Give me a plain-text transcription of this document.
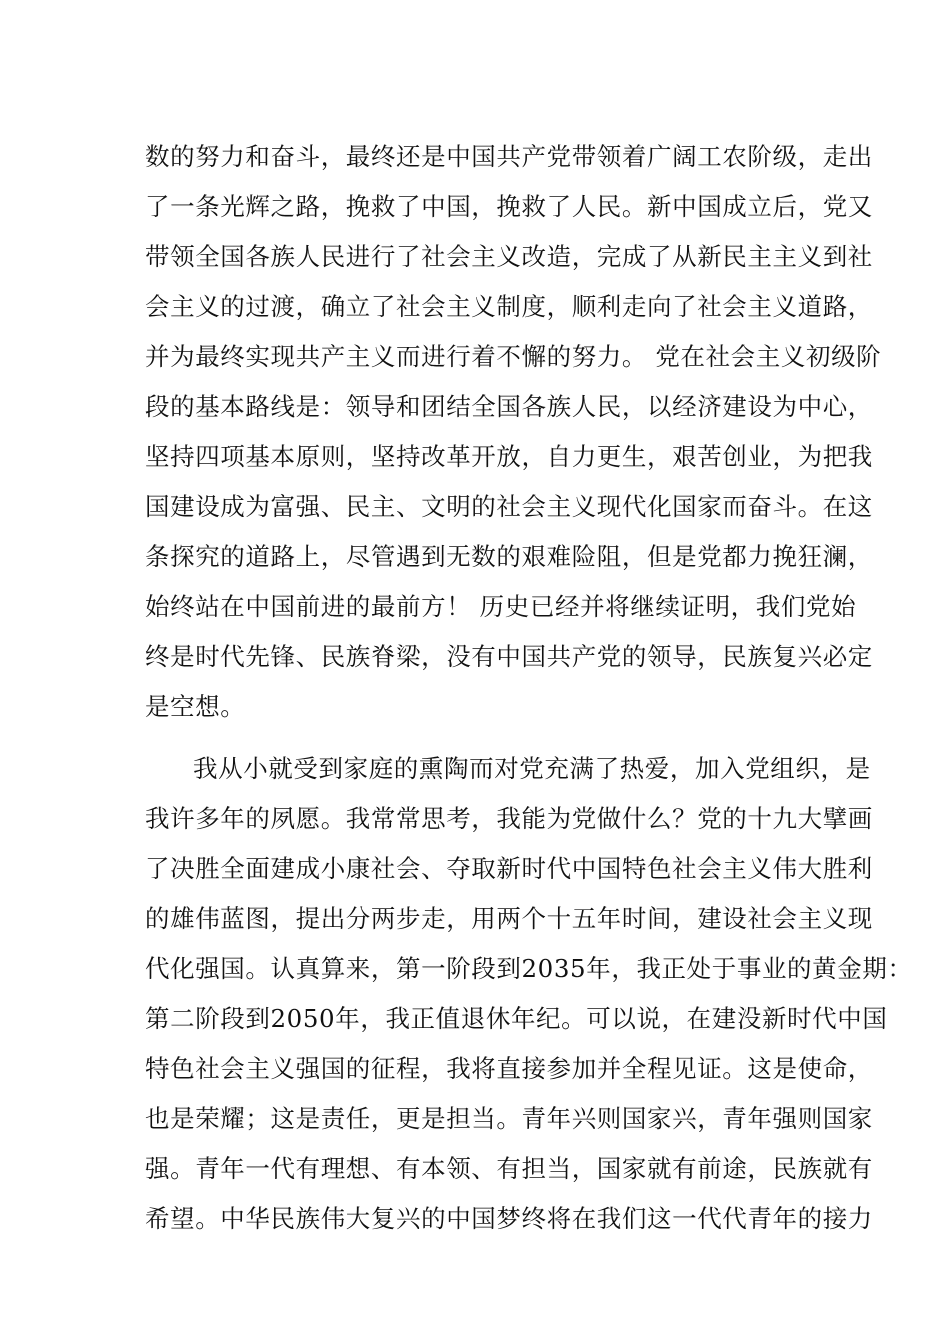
数的努力和奋斗，最终还是中国共产党带领着广阔工农阶级，走出
了一条光辉之路，挽救了中国，挽救了人民。新中国成立后，党又
带领全国各族人民进行了社会主义改造，完成了从新民主主义到社
会主义的过渡，确立了社会主义制度，顺利走向了社会主义道路，
并为最终实现共产主义而进行着不懈的努力。 党在社会主义初级阶
段的基本路线是：领导和团结全国各族人民，以经济建设为中心，
坚持四项基本原则，坚持改革开放，自力更生，艰苦创业，为把我
国建设成为富强、民主、文明的社会主义现代化国家而奋斗。在这
条探究的道路上，尽管遇到无数的艰难险阻，但是党都力挽狂澜，
始终站在中国前进的最前方！ 历史已经并将继续证明，我们党始
终是时代先锋、民族脊梁，没有中国共产党的领导，民族复兴必定
是空想。
我从小就受到家庭的熏陶而对党充满了热爱，加入党组织，是
我许多年的夙愿。我常常思考，我能为党做什么？党的十九大擘画
了决胜全面建成小康社会、夺取新时代中国特色社会主义伟大胜利
的雄伟蓝图，提出分两步走，用两个十五年时间，建设社会主义现
代化强国。认真算来，第一阶段到2035年，我正处于事业的黄金期：
第二阶段到2050年，我正值退休年纪。可以说，在建没新时代中国
特色社会主义强国的征程，我将直接参加并全程见证。这是使命，
也是荣耀；这是责任，更是担当。青年兴则国家兴，青年强则国家
强。青年一代有理想、有本领、有担当，国家就有前途，民族就有
希望。中华民族伟大复兴的中国梦终将在我们这一代代青年的接力
